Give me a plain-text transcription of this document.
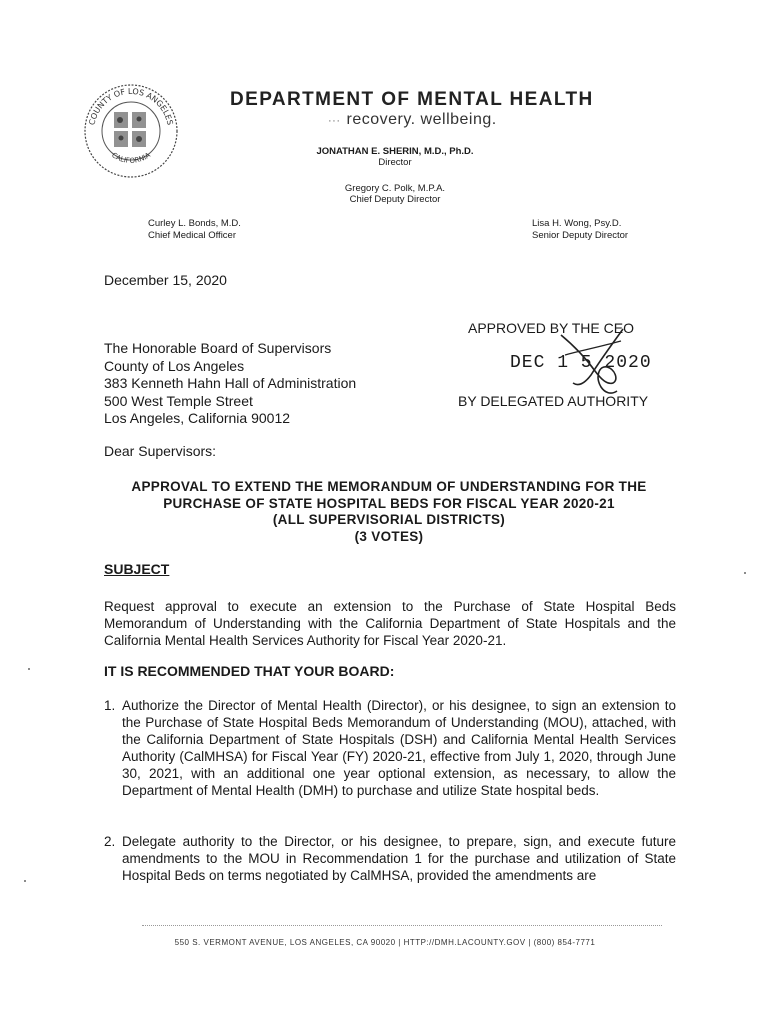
COUNTY OF LOS ANGELES
CALIFORNIA
DEPARTMENT OF MENTAL HEALTH
··· recovery. wellbeing.
JONATHAN E. SHERIN, M.D., Ph.D.
Director
Gregory C. Polk, M.P.A.
Chief Deputy Director
Curley L. Bonds, M.D.
Chief Medical Officer
Lisa H. Wong, Psy.D.
Senior Deputy Director
December 15, 2020
The Honorable Board of Supervisors
County of Los Angeles
383 Kenneth Hahn Hall of Administration
500 West Temple Street
Los Angeles, California 90012
APPROVED BY THE CEO
DEC 1 5 2020
BY DELEGATED AUTHORITY
Dear Supervisors:
APPROVAL TO EXTEND THE MEMORANDUM OF UNDERSTANDING FOR THE
PURCHASE OF STATE HOSPITAL BEDS FOR FISCAL YEAR 2020-21
(ALL SUPERVISORIAL DISTRICTS)
(3 VOTES)
SUBJECT
Request approval to execute an extension to the Purchase of State Hospital Beds Memorandum of Understanding with the California Department of State Hospitals and the California Mental Health Services Authority for Fiscal Year 2020-21.
IT IS RECOMMENDED THAT YOUR BOARD:
1. Authorize the Director of Mental Health (Director), or his designee, to sign an extension to the Purchase of State Hospital Beds Memorandum of Understanding (MOU), attached, with the California Department of State Hospitals (DSH) and California Mental Health Services Authority (CalMHSA) for Fiscal Year (FY) 2020-21, effective from July 1, 2020, through June 30, 2021, with an additional one year optional extension, as necessary, to allow the Department of Mental Health (DMH) to purchase and utilize State hospital beds.
2. Delegate authority to the Director, or his designee, to prepare, sign, and execute future amendments to the MOU in Recommendation 1 for the purchase and utilization of State Hospital Beds on terms negotiated by CalMHSA, provided the amendments are
550 S. VERMONT AVENUE, LOS ANGELES, CA 90020 | HTTP://DMH.LACOUNTY.GOV | (800) 854-7771
